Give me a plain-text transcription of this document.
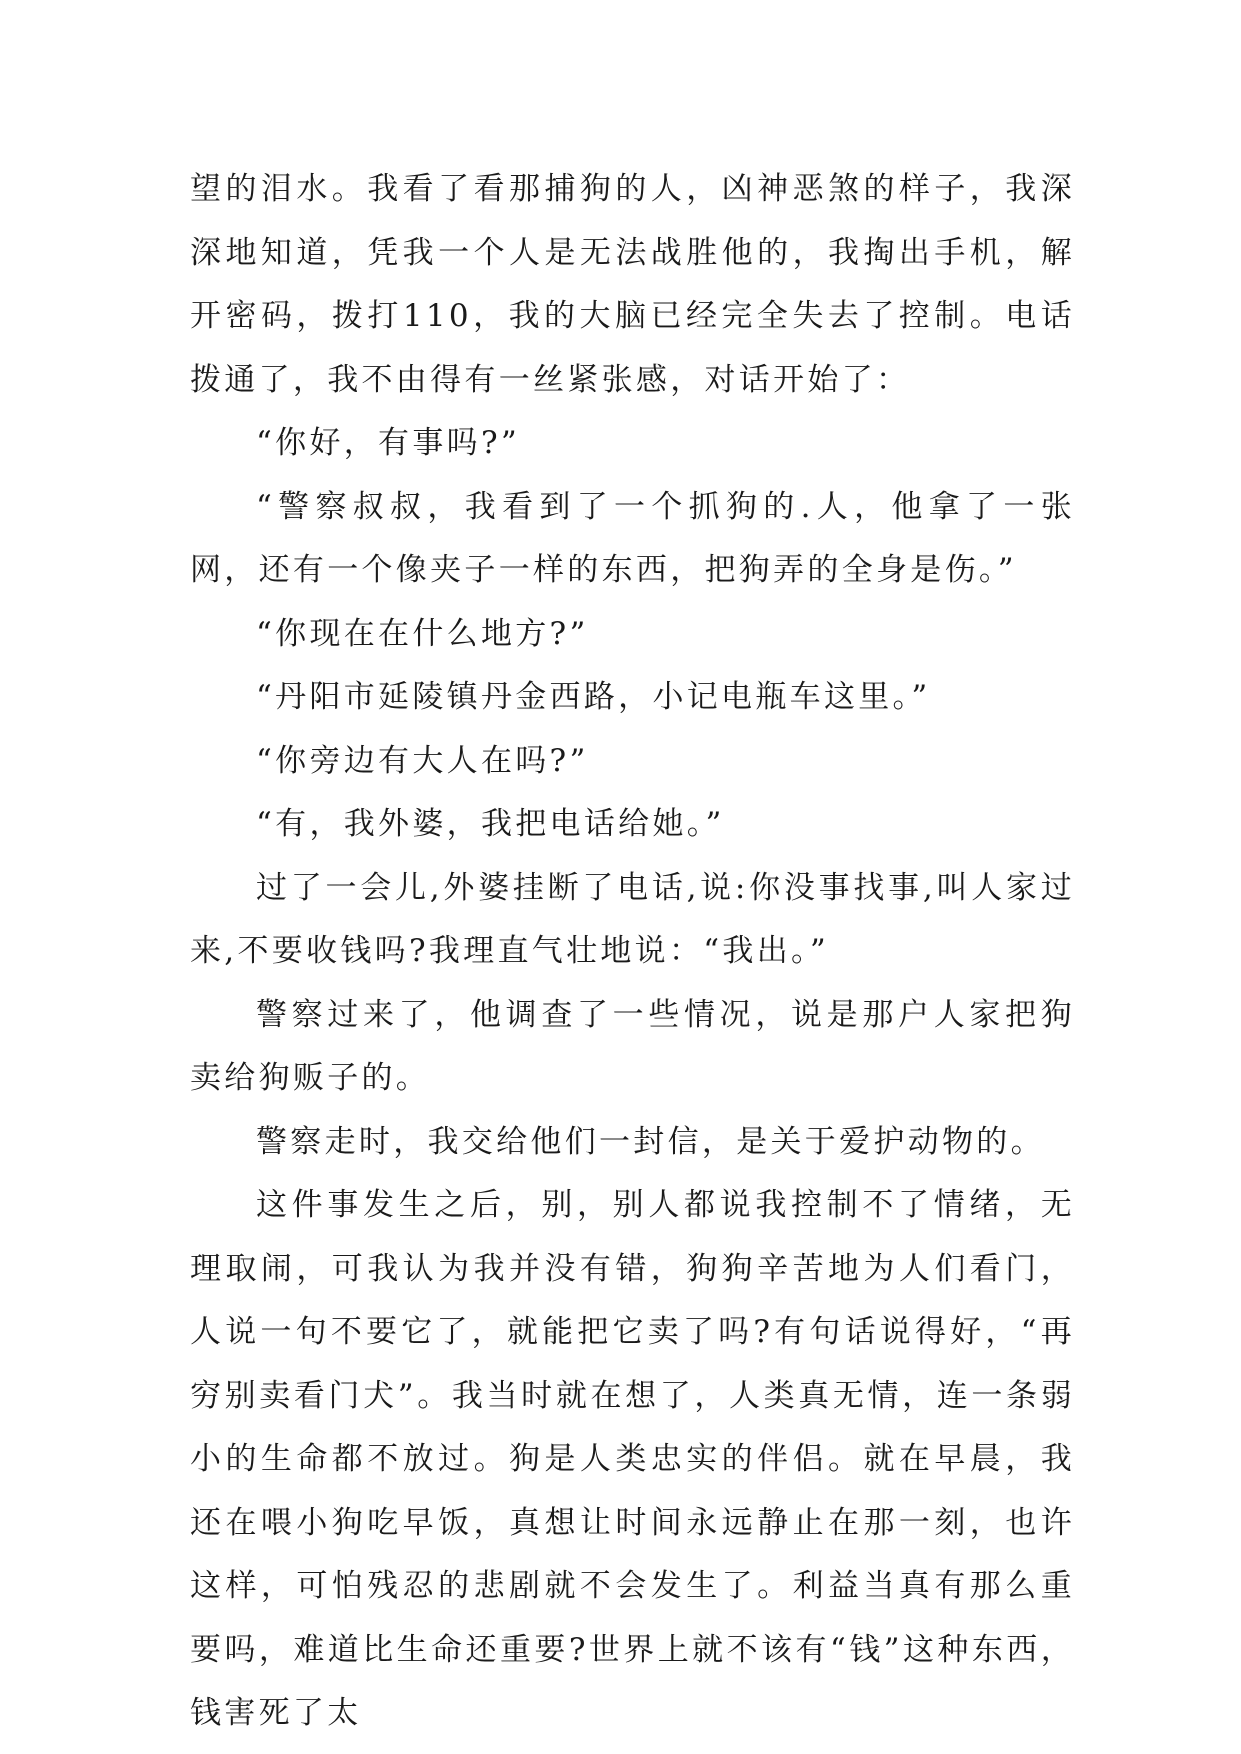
望的泪水。我看了看那捕狗的人，凶神恶煞的样子，我深深地知道，凭我一个人是无法战胜他的，我掏出手机，解开密码，拨打110，我的大脑已经完全失去了控制。电话拨通了，我不由得有一丝紧张感，对话开始了：

“你好，有事吗?”

“警察叔叔，我看到了一个抓狗的.人，他拿了一张网，还有一个像夹子一样的东西，把狗弄的全身是伤。”

“你现在在什么地方?”

“丹阳市延陵镇丹金西路，小记电瓶车这里。”

“你旁边有大人在吗?”

“有，我外婆，我把电话给她。”

过了一会儿,外婆挂断了电话,说:你没事找事,叫人家过来,不要收钱吗?我理直气壮地说：“我出。”

警察过来了，他调查了一些情况，说是那户人家把狗卖给狗贩子的。

警察走时，我交给他们一封信，是关于爱护动物的。

这件事发生之后，别，别人都说我控制不了情绪，无理取闹，可我认为我并没有错，狗狗辛苦地为人们看门，人说一句不要它了，就能把它卖了吗?有句话说得好，“再穷别卖看门犬”。我当时就在想了，人类真无情，连一条弱小的生命都不放过。狗是人类忠实的伴侣。就在早晨，我还在喂小狗吃早饭，真想让时间永远静止在那一刻，也许这样，可怕残忍的悲剧就不会发生了。利益当真有那么重要吗，难道比生命还重要?世界上就不该有“钱”这种东西，钱害死了太
